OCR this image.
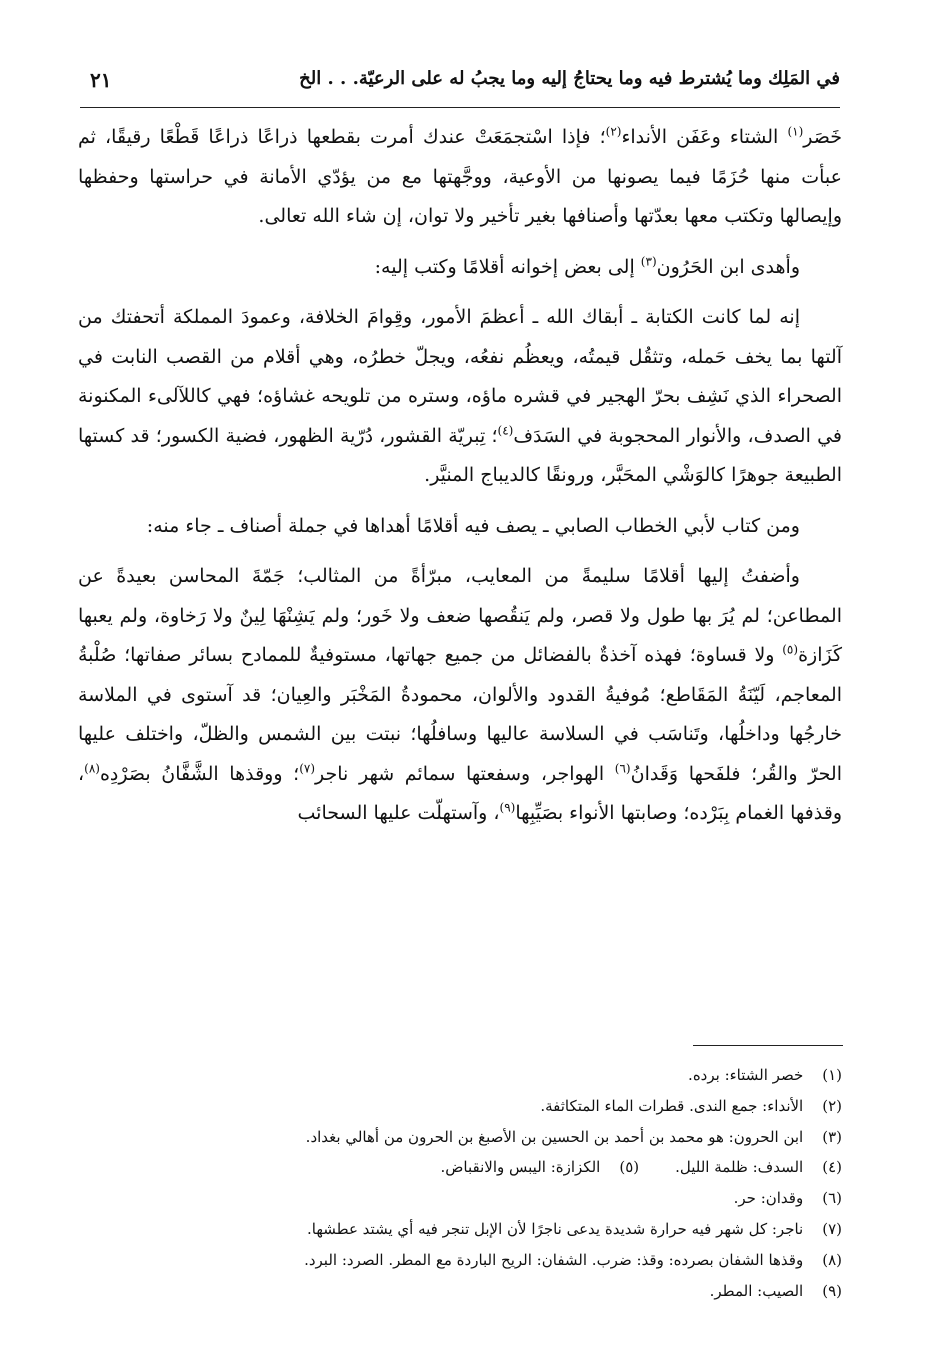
في المَلِك وما يُشترط فيه وما يحتاجُ إليه وما يجبُ له على الرعيّة. . . الخ
٢١

خَصَر$^{(١)}$ الشتاء وعَفَن الأنداء$^{(٢)}$؛ فإذا اسْتجمَعَتْ عندك أمرت بقطعها ذراعًا ذراعًا قَطْعًا رقيقًا، ثم عبأت منها حُزَمًا فيما يصونها من الأوعية، ووجَّهتها مع من يؤدّي الأمانة في حراستها وحفظها وإيصالها وتكتب معها بعدّتها وأصنافها بغير تأخير ولا توان، إن شاء الله تعالى.

وأهدى ابن الحَرُون$^{(٣)}$ إلى بعض إخوانه أقلامًا وكتب إليه:

إنه لما كانت الكتابة ـ أبقاك الله ـ أعظمَ الأمور، وقِوامَ الخلافة، وعمودَ المملكة أتحفتك من آلتها بما يخف حَمله، وتثقُل قيمتُه، ويعظُم نفعُه، ويجلّ خطرُه، وهي أقلام من القصب النابت في الصحراء الذي نَشِف بحرّ الهجير في قشره ماؤه، وستره من تلويحه غشاؤه؛ فهي كاللآلىء المكنونة في الصدف، والأنوار المحجوبة في السَدَف$^{(٤)}$؛ تِبريّة القشور، دُرّية الظهور، فضية الكسور؛ قد كستها الطبيعة جوهرًا كالوَشْي المحَبَّر، ورونقًا كالديباج المنيَّر.

ومن كتاب لأبي الخطاب الصابي ـ يصف فيه أقلامًا أهداها في جملة أصناف ـ جاء منه:

وأضفتُ إليها أقلامًا سليمةً من المعايب، مبرّأةً من المثالب؛ جَمّةَ المحاسن بعيدةً عن المطاعن؛ لم يُرَ بها طول ولا قصر، ولم يَنقُصها ضعف ولا خَور؛ ولم يَشِنْهَا لِينٌ ولا رَخاوة، ولم يعبها كَزَازة$^{(٥)}$ ولا قساوة؛ فهذه آخذةٌ بالفضائل من جميع جهاتها، مستوفيةٌ للممادح بسائر صفاتها؛ صُلْبةُ المعاجم، لَيّنَةُ المَقَاطع؛ مُوفيةُ القدود والألوان، محمودةُ المَخْبَر والعِيان؛ قد آستوى في الملاسة خارجُها وداخلُها، وتَناسَب في السلاسة عاليها وسافلُها؛ نبتت بين الشمس والظلّ، واختلف عليها الحرّ والقُر؛ فلفَحها وَقَدانُ$^{(٦)}$ الهواجر، وسفعتها سمائم شهر ناجر$^{(٧)}$؛ ووقذها الشَّفَّانُ بصَرْدِه$^{(٨)}$، وقذفها الغمام بِبَرْده؛ وصابتها الأنواء بصَيِّبِها$^{(٩)}$، وآستهلّت عليها السحائب

(١) خصر الشتاء: برده.
(٢) الأنداء: جمع الندى. قطرات الماء المتكاثفة.
(٣) ابن الحرون: هو محمد بن أحمد بن الحسين بن الأصبغ بن الحرون من أهالي بغداد.
(٤) السدف: ظلمة الليل.(٥) الكزازة: اليبس والانقباض.
(٦) وقدان: حر.
(٧) ناجر: كل شهر فيه حرارة شديدة يدعى ناجرًا لأن الإبل تنجر فيه أي يشتد عطشها.
(٨) وقذها الشفان بصرده: وقذ: ضرب. الشفان: الريح الباردة مع المطر. الصرد: البرد.
(٩) الصيب: المطر.
